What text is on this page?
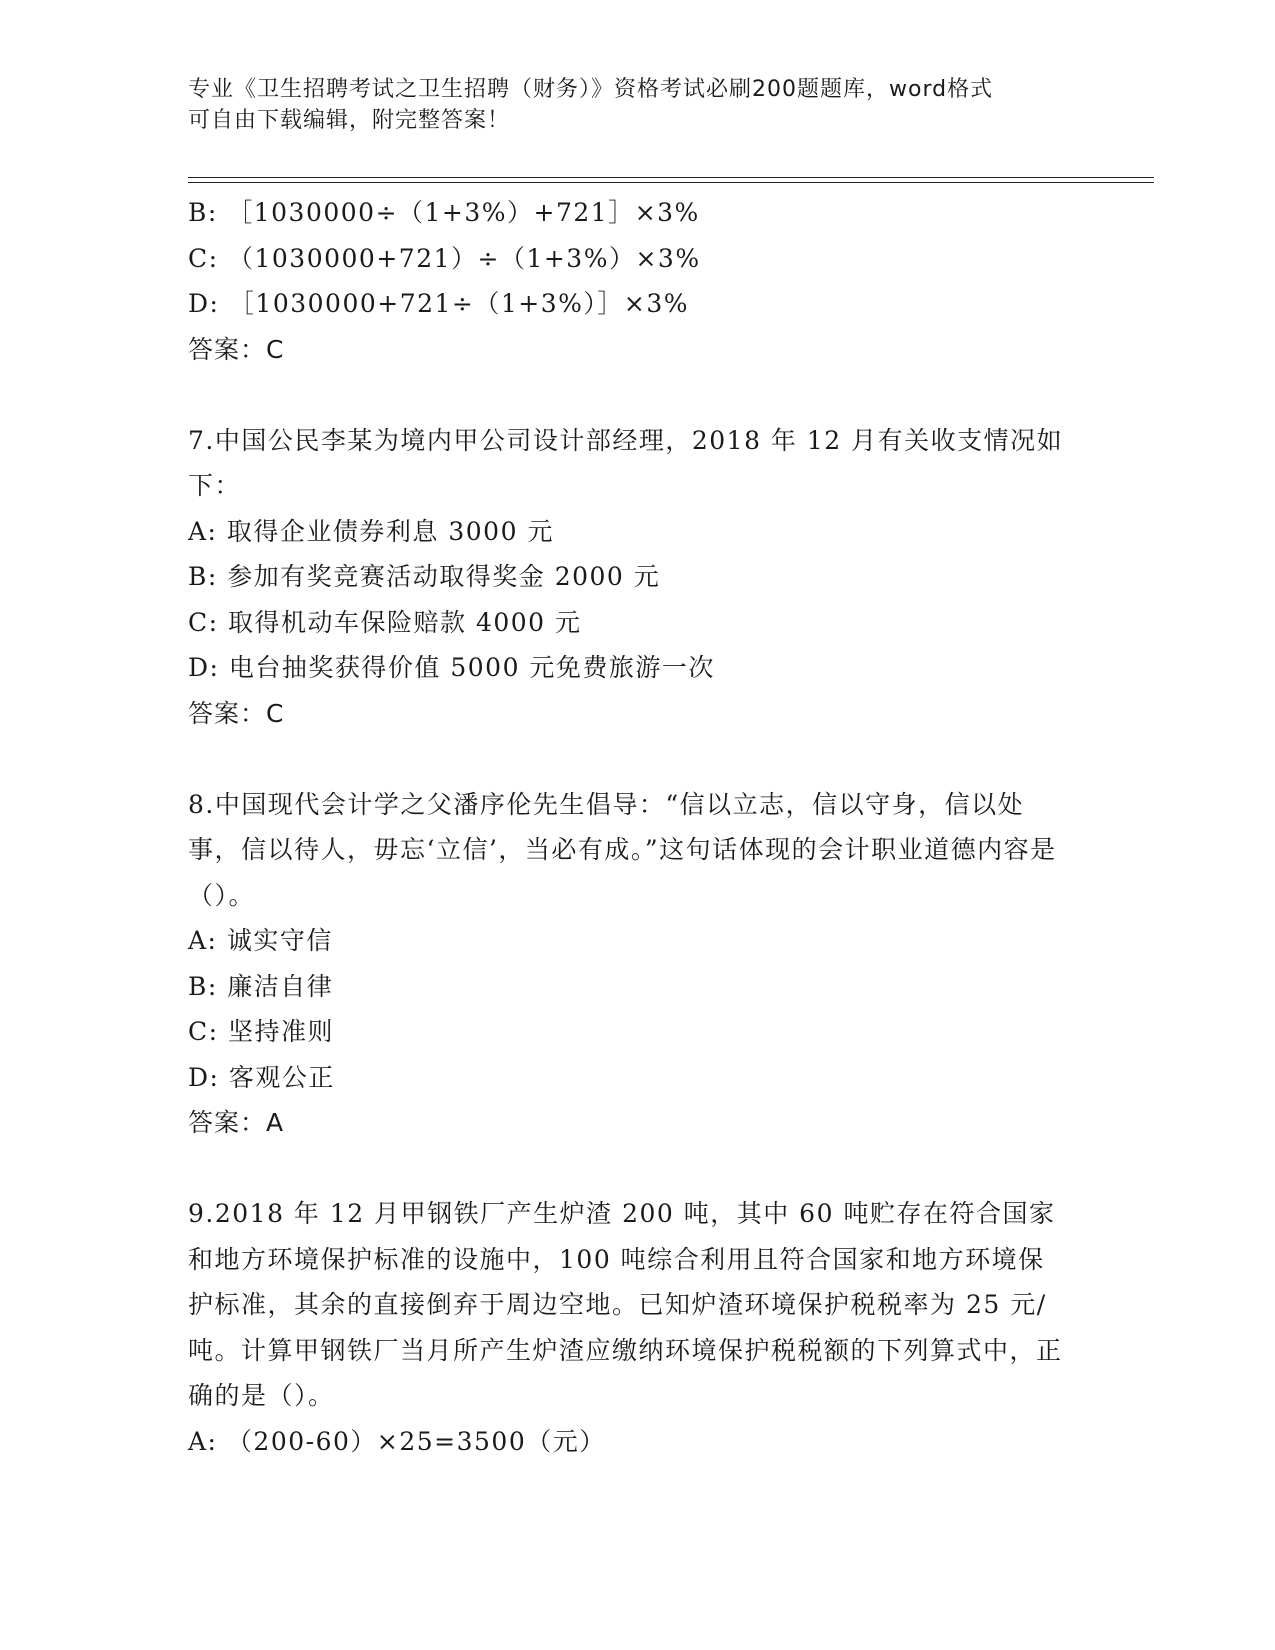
专业《卫生招聘考试之卫生招聘（财务）》资格考试必刷200题题库，word格式
可自由下载编辑，附完整答案！
B: ［1030000÷（1+3%）+721］×3%
C: （1030000+721）÷（1+3%）×3%
D: ［1030000+721÷（1+3%）］×3%
答案：C
7.中国公民李某为境内甲公司设计部经理，2018 年 12 月有关收支情况如下：
A: 取得企业债券利息 3000 元
B: 参加有奖竞赛活动取得奖金 2000 元
C: 取得机动车保险赔款 4000 元
D: 电台抽奖获得价值 5000 元免费旅游一次
答案：C
8.中国现代会计学之父潘序伦先生倡导：“信以立志，信以守身，信以处事，信以待人，毋忘‘立信’，当必有成。”这句话体现的会计职业道德内容是（）。
A: 诚实守信
B: 廉洁自律
C: 坚持准则
D: 客观公正
答案：A
9.2018 年 12 月甲钢铁厂产生炉渣 200 吨，其中 60 吨贮存在符合国家和地方环境保护标准的设施中，100 吨综合利用且符合国家和地方环境保护标准，其余的直接倒弃于周边空地。已知炉渣环境保护税税率为 25 元/吨。计算甲钢铁厂当月所产生炉渣应缴纳环境保护税税额的下列算式中，正确的是（）。
A: （200-60）×25=3500（元）
